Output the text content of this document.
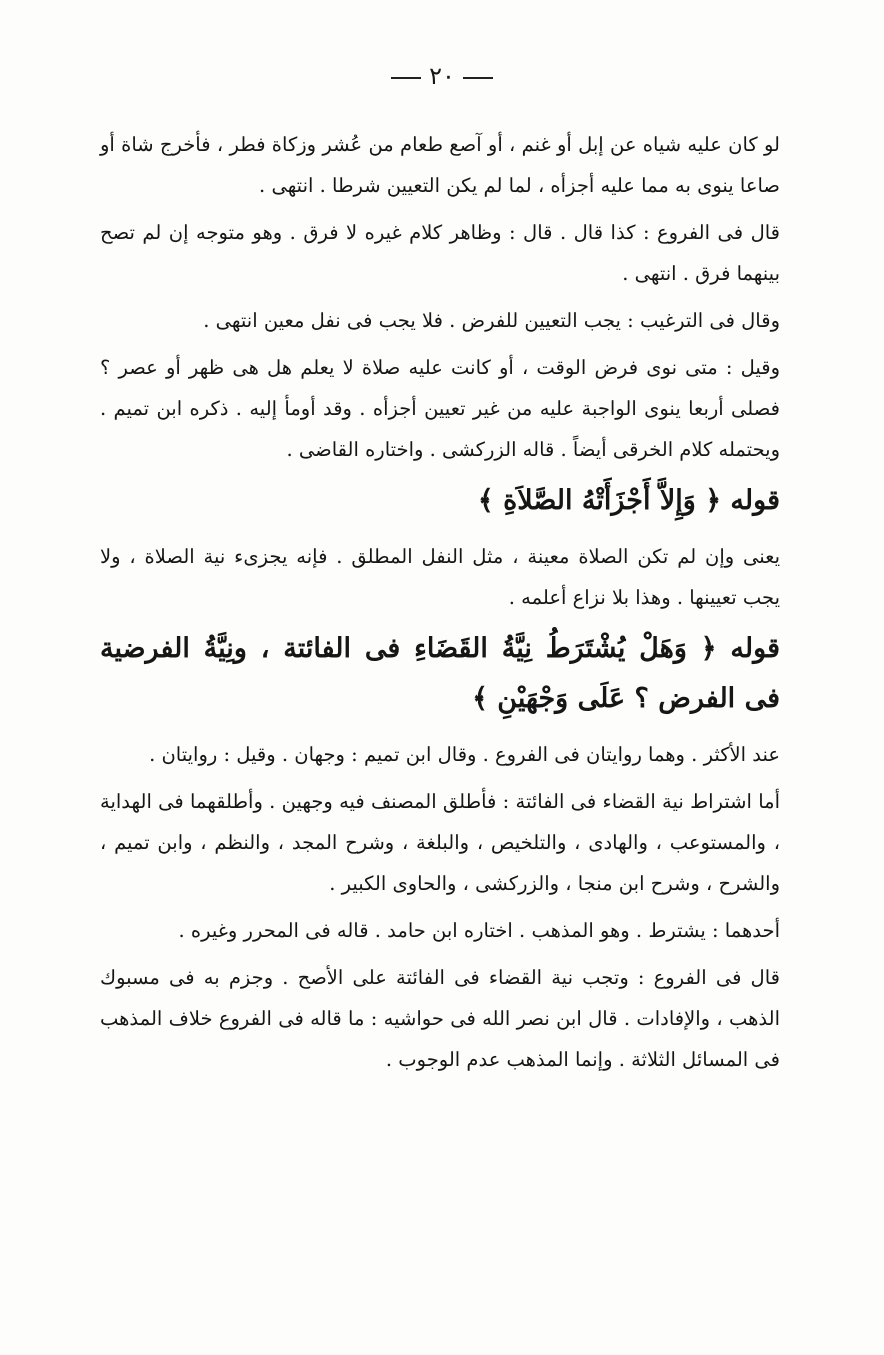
٢٠

لو كان عليه شياه عن إبل أو غنم ، أو آصع طعام من عُشر وزكاة فطر ، فأخرج شاة أو صاعا ينوى به مما عليه أجزأه ، لما لم يكن التعيين شرطا . انتهى .

قال فى الفروع : كذا قال . قال : وظاهر كلام غيره لا فرق . وهو متوجه إن لم تصح بينهما فرق . انتهى .

وقال فى الترغيب : يجب التعيين للفرض . فلا يجب فى نفل معين انتهى .

وقيل : متى نوى فرض الوقت ، أو كانت عليه صلاة لا يعلم هل هى ظهر أو عصر ؟ فصلى أربعا ينوى الواجبة عليه من غير تعيين أجزأه . وقد أومأ إليه . ذكره ابن تميم . ويحتمله كلام الخرقى أيضاً . قاله الزركشى . واختاره القاضى .

قوله ﴿ وَإِلاَّ أَجْزَأَتْهُ الصَّلاَةِ ﴾

يعنى وإن لم تكن الصلاة معينة ، مثل النفل المطلق . فإنه يجزىء نية الصلاة ، ولا يجب تعيينها . وهذا بلا نزاع أعلمه .

قوله ﴿ وَهَلْ يُشْتَرَطُ نِيَّةُ القَضَاءِ فى الفائتة ، ونِيَّةُ الفرضية فى الفرض ؟ عَلَى وَجْهَيْنِ ﴾

عند الأكثر . وهما روايتان فى الفروع . وقال ابن تميم : وجهان . وقيل : روايتان .

أما اشتراط نية القضاء فى الفائتة : فأطلق المصنف فيه وجهين . وأطلقهما فى الهداية ، والمستوعب ، والهادى ، والتلخيص ، والبلغة ، وشرح المجد ، والنظم ، وابن تميم ، والشرح ، وشرح ابن منجا ، والزركشى ، والحاوى الكبير .

أحدهما : يشترط . وهو المذهب . اختاره ابن حامد . قاله فى المحرر وغيره .

قال فى الفروع : وتجب نية القضاء فى الفائتة على الأصح . وجزم به فى مسبوك الذهب ، والإفادات . قال ابن نصر الله فى حواشيه : ما قاله فى الفروع خلاف المذهب فى المسائل الثلاثة . وإنما المذهب عدم الوجوب .
